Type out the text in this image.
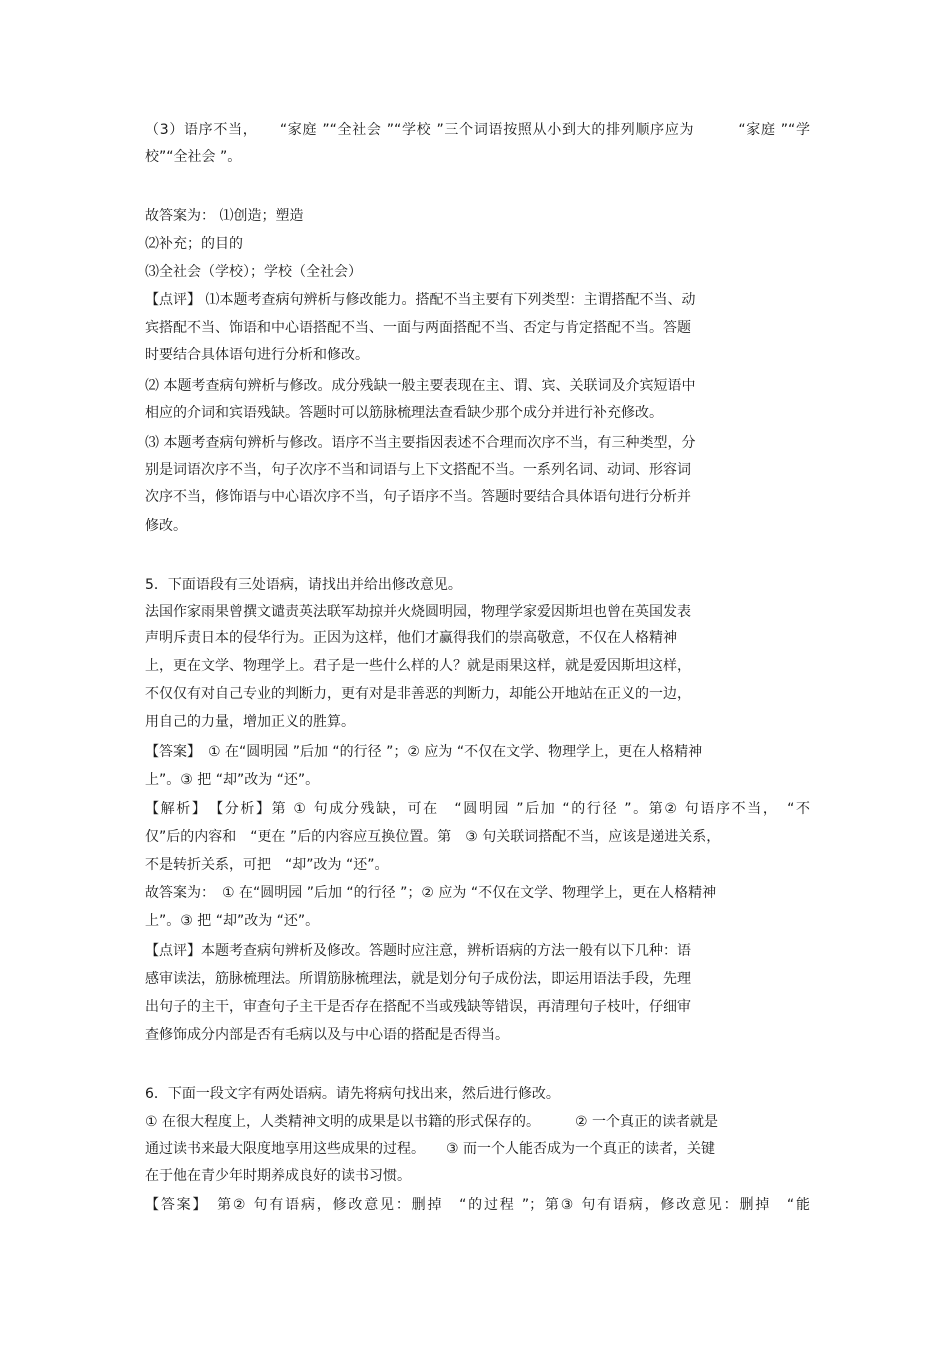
（3）语序不当，　　“家庭 ”“全社会 ”“学校 ”三个词语按照从小到大的排列顺序应为　　　“家庭 ”“学
校”“全社会 ”。
故答案为： ⑴创造；塑造
⑵补充；的目的
⑶全社会（学校）；学校（全社会）
【点评】 ⑴本题考查病句辨析与修改能力。搭配不当主要有下列类型：主谓搭配不当、动
宾搭配不当、饰语和中心语搭配不当、一面与两面搭配不当、否定与肯定搭配不当。答题
时要结合具体语句进行分析和修改。
⑵ 本题考查病句辨析与修改。成分残缺一般主要表现在主、谓、宾、关联词及介宾短语中
相应的介词和宾语残缺。答题时可以筋脉梳理法查看缺少那个成分并进行补充修改。
⑶ 本题考查病句辨析与修改。语序不当主要指因表述不合理而次序不当，有三种类型，分
别是词语次序不当，句子次序不当和词语与上下文搭配不当。一系列名词、动词、形容词
次序不当，修饰语与中心语次序不当，句子语序不当。答题时要结合具体语句进行分析并
修改。
5．下面语段有三处语病，请找出并给出修改意见。
法国作家雨果曾撰文谴责英法联军劫掠并火烧圆明园，物理学家爱因斯坦也曾在英国发表
声明斥责日本的侵华行为。正因为这样，他们才赢得我们的崇高敬意，不仅在人格精神
上，更在文学、物理学上。君子是一些什么样的人？就是雨果这样，就是爱因斯坦这样，
不仅仅有对自己专业的判断力，更有对是非善恶的判断力，却能公开地站在正义的一边，
用自己的力量，增加正义的胜算。
【答案】　① 在“圆明园 ”后加 “的行径 ”；② 应为 “不仅在文学、物理学上，更在人格精神
上”。③ 把 “却”改为 “还”。
【解析】　【分析】第 ① 句成分残缺，可在　“圆明园 ”后加 “的行径 ”。第② 句语序不当，　“不
仅”后的内容和　“更在 ”后的内容应互换位置。第　③ 句关联词搭配不当，应该是递进关系，
不是转折关系，可把　“却”改为 “还”。
故答案为：　① 在“圆明园 ”后加 “的行径 ”；② 应为 “不仅在文学、物理学上，更在人格精神
上”。③ 把 “却”改为 “还”。
【点评】本题考查病句辨析及修改。答题时应注意，辨析语病的方法一般有以下几种：语
感审读法，筋脉梳理法。所谓筋脉梳理法，就是划分句子成份法，即运用语法手段，先理
出句子的主干，审查句子主干是否存在搭配不当或残缺等错误，再清理句子枝叶，仔细审
查修饰成分内部是否有毛病以及与中心语的搭配是否得当。
6．下面一段文字有两处语病。请先将病句找出来，然后进行修改。
① 在很大程度上，人类精神文明的成果是以书籍的形式保存的。　　　② 一个真正的读者就是
通过读书来最大限度地享用这些成果的过程。　　③ 而一个人能否成为一个真正的读者，关键
在于他在青少年时期养成良好的读书习惯。
【答案】　第② 句有语病，修改意见：删掉　“的过程 ”；第③ 句有语病，修改意见：删掉　“能
